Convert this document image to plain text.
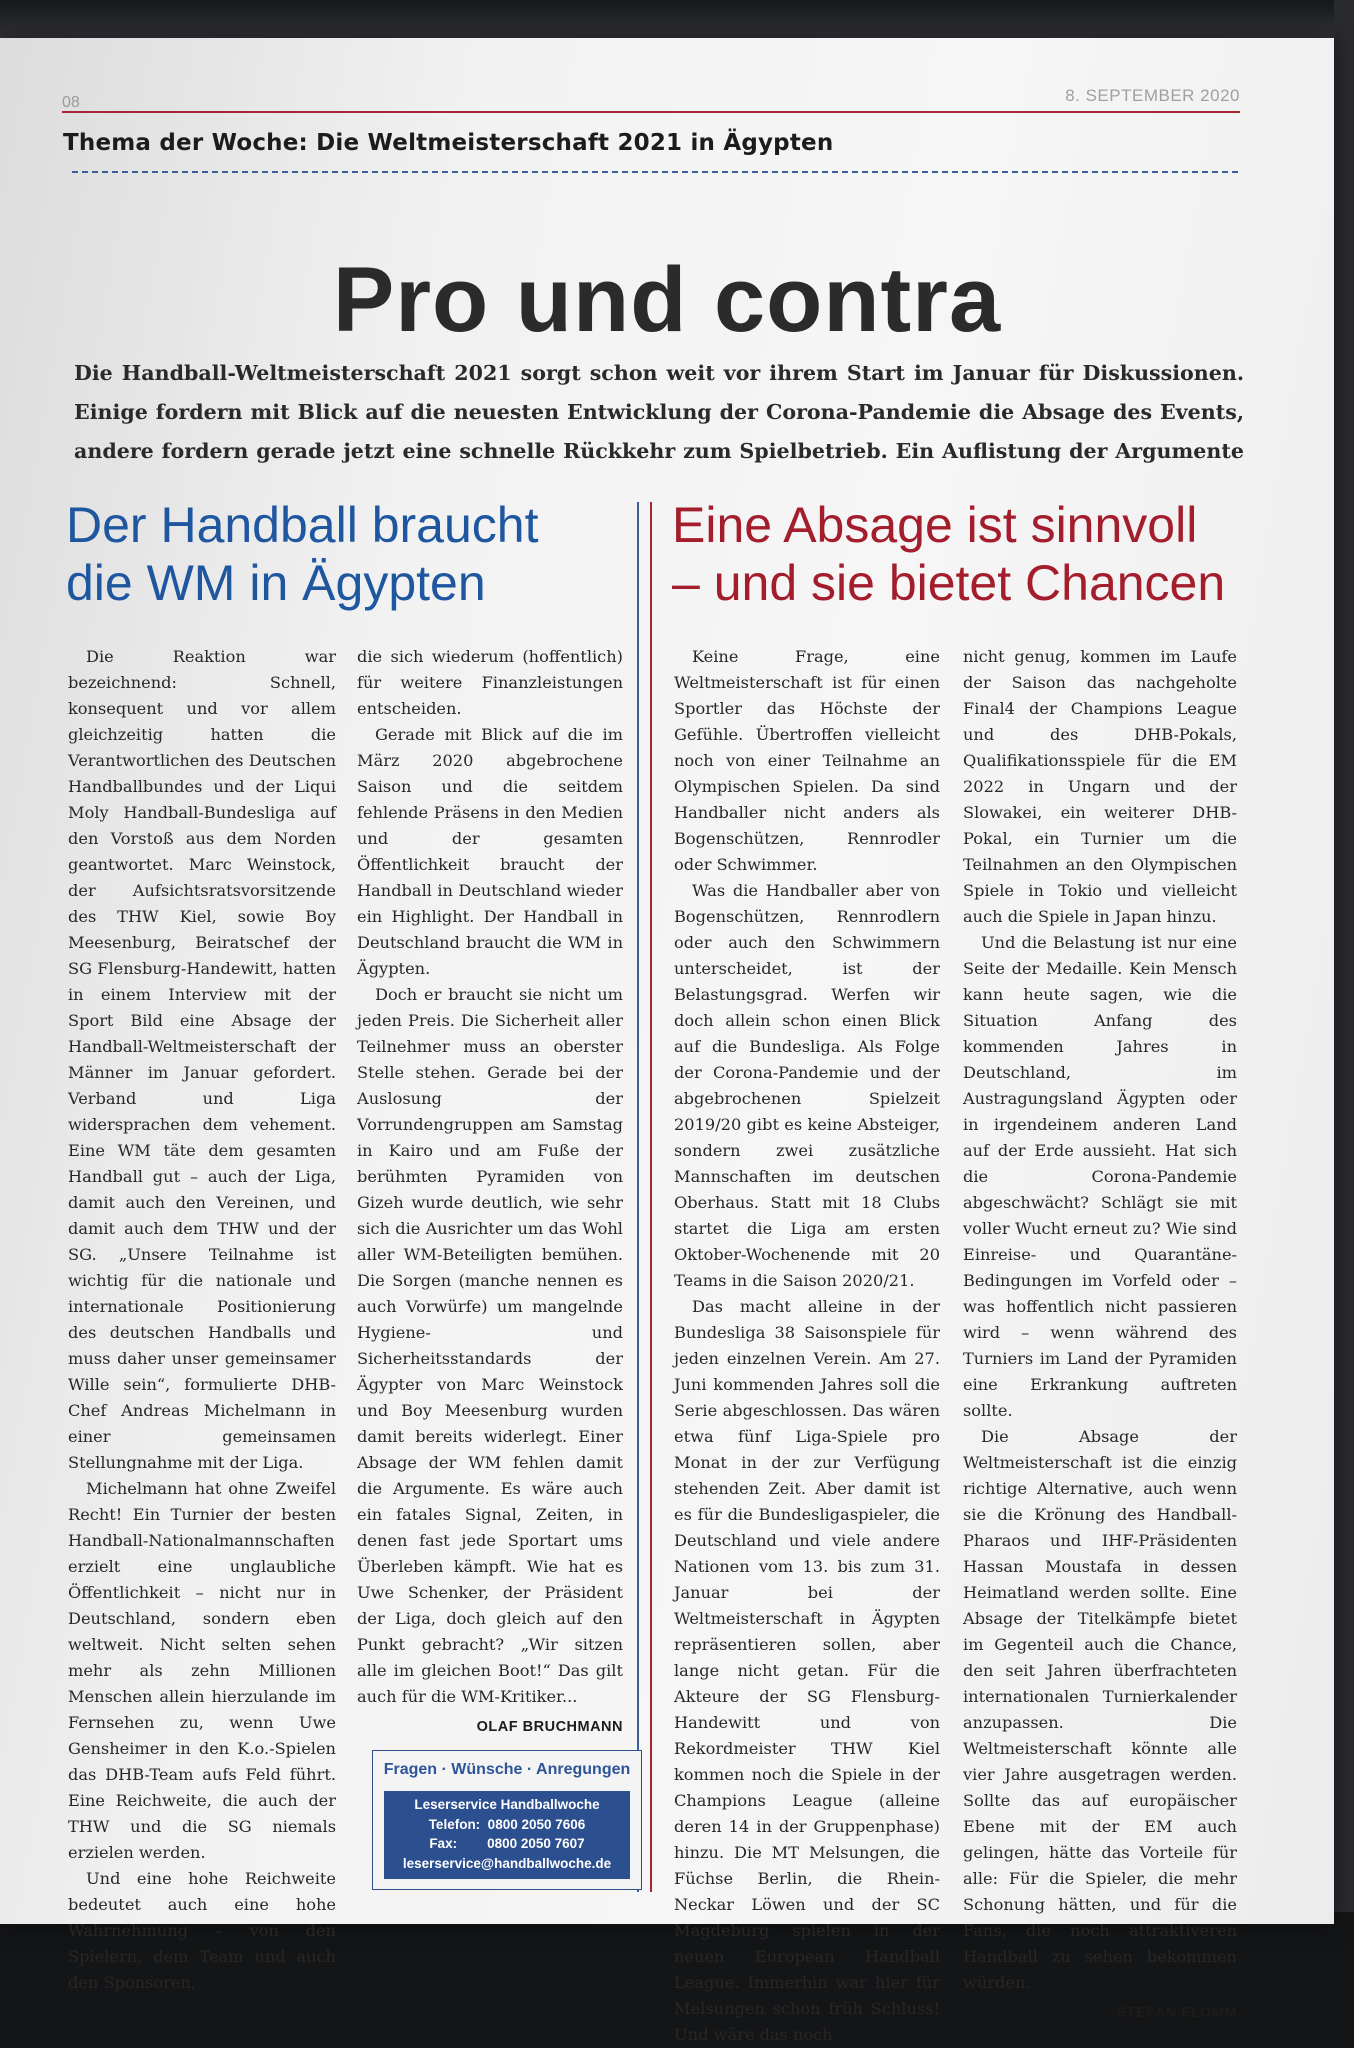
08	8. SEPTEMBER 2020
Thema der Woche: Die Weltmeisterschaft 2021 in Ägypten
Pro und contra

Die Handball-Weltmeisterschaft 2021 sorgt schon weit vor ihrem Start im Januar für Diskussionen.

Einige fordern mit Blick auf die neuesten Entwicklung der Corona-Pandemie die Absage des Events,

andere fordern gerade jetzt eine schnelle Rückkehr zum Spielbetrieb. Ein Auflistung der Argumente

Der Handball braucht
die WM in Ägypten
Eine Absage ist sinnvoll
– und sie bietet Chancen

Die Reaktion war bezeichnend: Schnell, konsequent und vor allem gleichzeitig hatten die Verantwortlichen des Deutschen Handballbundes und der Liqui Moly Handball-Bundesliga auf den Vorstoß aus dem Norden geantwortet. Marc Weinstock, der Aufsichtsratsvorsitzende des THW Kiel, sowie Boy Meesenburg, Beiratschef der SG Flensburg-Handewitt, hatten in einem Interview mit der Sport Bild eine Absage der Handball-Weltmeisterschaft der Männer im Januar gefordert. Verband und Liga widersprachen dem vehement. Eine WM täte dem gesamten Handball gut – auch der Liga, damit auch den Vereinen, und damit auch dem THW und der SG. „Unsere Teilnahme ist wichtig für die nationale und internationale Positionierung des deutschen Handballs und muss daher unser gemeinsamer Wille sein“, formulierte DHB-Chef Andreas Michelmann in einer gemeinsamen Stellungnahme mit der Liga.

Michelmann hat ohne Zweifel Recht! Ein Turnier der besten Handball-Nationalmannschaften erzielt eine unglaubliche Öffentlichkeit – nicht nur in Deutschland, sondern eben weltweit. Nicht selten sehen mehr als zehn Millionen Menschen allein hierzulande im Fernsehen zu, wenn Uwe Gensheimer in den K.o.-Spielen das DHB-Team aufs Feld führt. Eine Reichweite, die auch der THW und die SG niemals erzielen werden.

Und eine hohe Reichweite bedeutet auch eine hohe Wahrnehmung – von den Spielern, dem Team und auch den Sponsoren,

die sich wiederum (hoffentlich) für weitere Finanzleistungen entscheiden.

Gerade mit Blick auf die im März 2020 abgebrochene Saison und die seitdem fehlende Präsens in den Medien und der gesamten Öffentlichkeit braucht der Handball in Deutschland wieder ein Highlight. Der Handball in Deutschland braucht die WM in Ägypten.

Doch er braucht sie nicht um jeden Preis. Die Sicherheit aller Teilnehmer muss an oberster Stelle stehen. Gerade bei der Auslosung der Vorrundengruppen am Samstag in Kairo und am Fuße der berühmten Pyramiden von Gizeh wurde deutlich, wie sehr sich die Ausrichter um das Wohl aller WM-Beteiligten bemühen. Die Sorgen (manche nennen es auch Vorwürfe) um mangelnde Hygiene- und Sicherheitsstandards der Ägypter von Marc Weinstock und Boy Meesenburg wurden damit bereits widerlegt. Einer Absage der WM fehlen damit die Argumente. Es wäre auch ein fatales Signal, Zeiten, in denen fast jede Sportart ums Überleben kämpft. Wie hat es Uwe Schenker, der Präsident der Liga, doch gleich auf den Punkt gebracht? „Wir sitzen alle im gleichen Boot!“ Das gilt auch für die WM-Kritiker...

OLAF BRUCHMANN
Fragen · Wünsche · Anregungen
Leserservice Handballwoche
Telefon:  0800 2050 7606
Fax:        0800 2050 7607
leserservice@handballwoche.de

Keine Frage, eine Weltmeisterschaft ist für einen Sportler das Höchste der Gefühle. Übertroffen vielleicht noch von einer Teilnahme an Olympischen Spielen. Da sind Handballer nicht anders als Bogenschützen, Rennrodler oder Schwimmer.

Was die Handballer aber von Bogenschützen, Rennrodlern oder auch den Schwimmern unterscheidet, ist der Belastungsgrad. Werfen wir doch allein schon einen Blick auf die Bundesliga. Als Folge der Corona-Pandemie und der abgebrochenen Spielzeit 2019/20 gibt es keine Absteiger, sondern zwei zusätzliche Mannschaften im deutschen Oberhaus. Statt mit 18 Clubs startet die Liga am ersten Oktober-Wochenende mit 20 Teams in die Saison 2020/21.

Das macht alleine in der Bundesliga 38 Saisonspiele für jeden einzelnen Verein. Am 27. Juni kommenden Jahres soll die Serie abgeschlossen. Das wären etwa fünf Liga-Spiele pro Monat in der zur Verfügung stehenden Zeit. Aber damit ist es für die Bundesligaspieler, die Deutschland und viele andere Nationen vom 13. bis zum 31. Januar bei der Weltmeisterschaft in Ägypten repräsentieren sollen, aber lange nicht getan. Für die Akteure der SG Flensburg-Handewitt und von Rekordmeister THW Kiel kommen noch die Spiele in der Champions League (alleine deren 14 in der Gruppenphase) hinzu. Die MT Melsungen, die Füchse Berlin, die Rhein-Neckar Löwen und der SC Magdeburg spielen in der neuen European Handball League. Immerhin war hier für Melsungen schon früh Schluss! Und wäre das noch

nicht genug, kommen im Laufe der Saison das nachgeholte Final4 der Champions League und des DHB-Pokals, Qualifikationsspiele für die EM 2022 in Ungarn und der Slowakei, ein weiterer DHB-Pokal, ein Turnier um die Teilnahmen an den Olympischen Spiele in Tokio und vielleicht auch die Spiele in Japan hinzu.

Und die Belastung ist nur eine Seite der Medaille. Kein Mensch kann heute sagen, wie die Situation Anfang des kommenden Jahres in Deutschland, im Austragungsland Ägypten oder in irgendeinem anderen Land auf der Erde aussieht. Hat sich die Corona-Pandemie abgeschwächt? Schlägt sie mit voller Wucht erneut zu? Wie sind Einreise- und Quarantäne-Bedingungen im Vorfeld oder – was hoffentlich nicht passieren wird – wenn während des Turniers im Land der Pyramiden eine Erkrankung auftreten sollte.

Die Absage der Weltmeisterschaft ist die einzig richtige Alternative, auch wenn sie die Krönung des Handball-Pharaos und IHF-Präsidenten Hassan Moustafa in dessen Heimatland werden sollte. Eine Absage der Titelkämpfe bietet im Gegenteil auch die Chance, den seit Jahren überfrachteten internationalen Turnierkalender anzupassen. Die Weltmeisterschaft könnte alle vier Jahre ausgetragen werden. Sollte das auf europäischer Ebene mit der EM auch gelingen, hätte das Vorteile für alle: Für die Spieler, die mehr Schonung hätten, und für die Fans, die noch attraktiveren Handball zu sehen bekommen würden.

STEFAN FLOMM
